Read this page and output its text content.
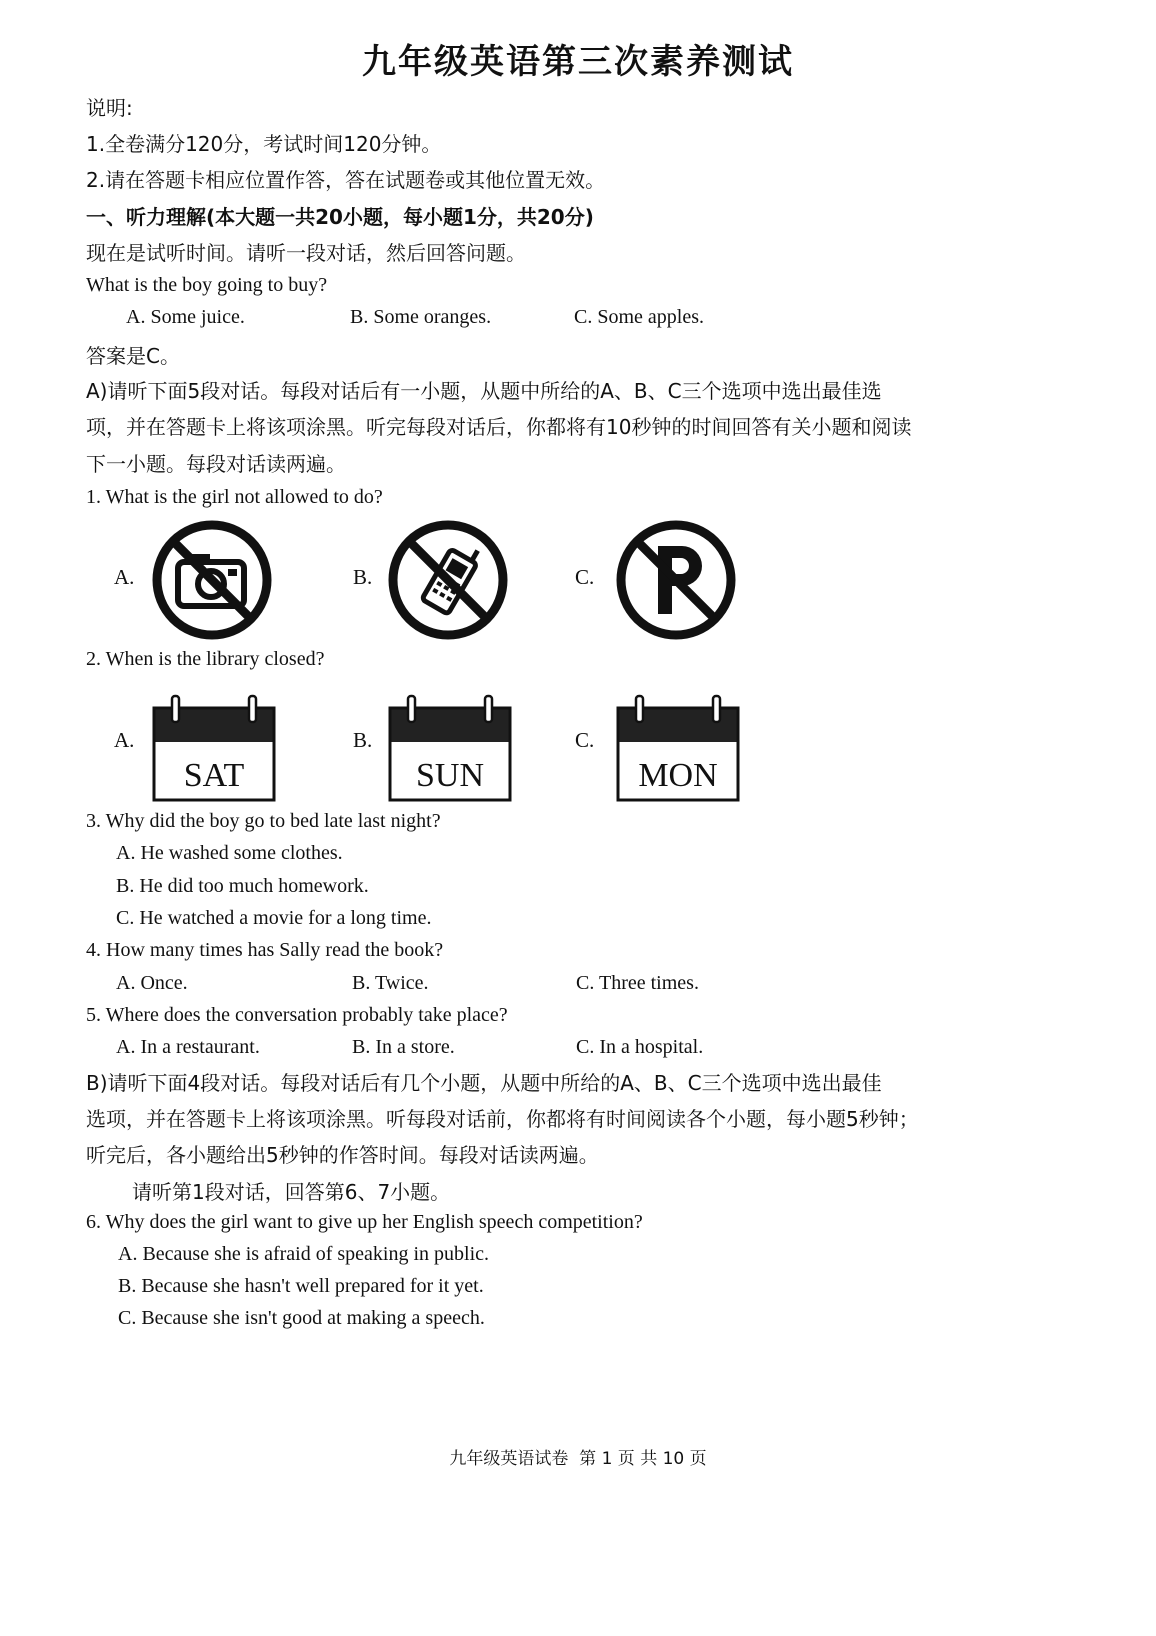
九年级英语第三次素养测试
说明:
1.全卷满分120分，考试时间120分钟。
2.请在答题卡相应位置作答，答在试题卷或其他位置无效。
一、听力理解(本大题一共20小题，每小题1分，共20分)
现在是试听时间。请听一段对话，然后回答问题。
What is the boy going to buy?
A. Some juice.	B. Some oranges.	C. Some apples.
答案是C。
A)请听下面5段对话。每段对话后有一小题，从题中所给的A、B、C三个选项中选出最佳选
项，并在答题卡上将该项涂黑。听完每段对话后，你都将有10秒钟的时间回答有关小题和阅读
下一小题。每段对话读两遍。
1. What is the girl not allowed to do?
A.	B.	C.
2. When is the library closed?
A.
SAT
B.
SUN
C.
MON
3. Why did the boy go to bed late last night?
A. He washed some clothes.
B. He did too much homework.
C. He watched a movie for a long time.
4. How many times has Sally read the book?
A. Once.	B. Twice.	C. Three times.
5. Where does the conversation probably take place?
A. In a restaurant.	B. In a store.	C. In a hospital.
B)请听下面4段对话。每段对话后有几个小题，从题中所给的A、B、C三个选项中选出最佳
选项，并在答题卡上将该项涂黑。听每段对话前，你都将有时间阅读各个小题，每小题5秒钟；
听完后，各小题给出5秒钟的作答时间。每段对话读两遍。
请听第1段对话，回答第6、7小题。
6. Why does the girl want to give up her English speech competition?
A. Because she is afraid of speaking in public.
B. Because she hasn't well prepared for it yet.
C. Because she isn't good at making a speech.
九年级英语试卷  第 1 页 共 10 页
